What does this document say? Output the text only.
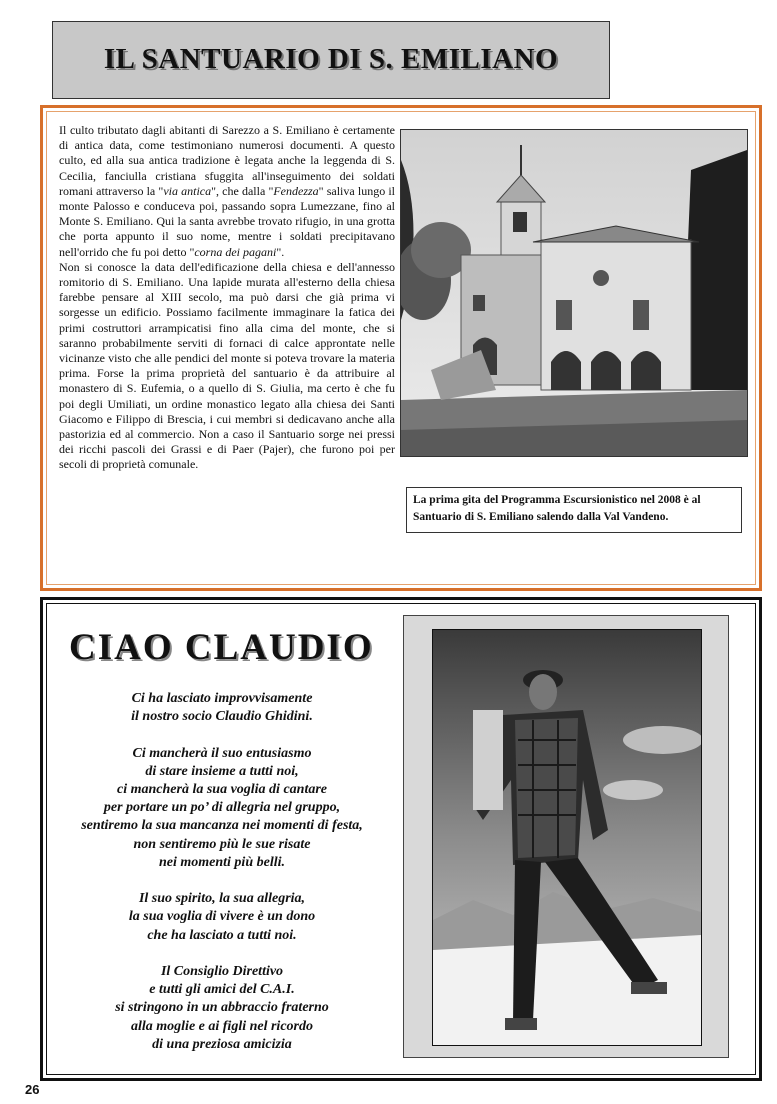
IL SANTUARIO DI S. EMILIANO

Il culto tributato dagli abitanti di Sarezzo a S. Emiliano è certamente di antica data, come testimoniano numerosi documenti. A questo culto, ed alla sua antica tradizione è legata anche la leggenda di S. Cecilia, fanciulla cristiana sfuggita all'inseguimento dei soldati romani attraverso la "via antica", che dalla "Fendezza" saliva lungo il monte Palosso e conduceva poi, passando sopra Lumezzane, fino al Monte S. Emiliano. Qui la santa avrebbe trovato rifugio, in una grotta che porta appunto il suo nome, mentre i soldati precipitavano nell'orrido che fu poi detto "corna dei pagani".

Non si conosce la data dell'edificazione della chiesa e dell'annesso romitorio di S. Emiliano. Una lapide murata all'esterno della chiesa farebbe pensare al XIII secolo, ma può darsi che già prima vi sorgesse un edificio. Possiamo facilmente immaginare la fatica dei primi costruttori arrampicatisi fino alla cima del monte, che si saranno probabilmente serviti di fornaci di calce approntate nelle vicinanze visto che alle pendici del monte si poteva trovare la materia prima. Forse la prima proprietà del santuario è da attribuire al monastero di S. Eufemia, o a quello di S. Giulia, ma certo è che fu poi degli Umiliati, un ordine monastico legato alla chiesa dei Santi Giacomo e Filippo di Brescia, i cui membri si dedicavano anche alla pastorizia ed al commercio. Non a caso il Santuario sorge nei pressi dei ricchi pascoli dei Grassi e di Paer (Pajer), che furono poi per secoli di proprietà comunale.

La prima gita del Programma Escursionistico nel 2008 è al Santuario di S. Emiliano salendo dalla Val Vandeno.
CIAO CLAUDIO
Ci ha lasciato improvvisamente
il nostro socio Claudio Ghidini.
Ci mancherà il suo entusiasmo
di stare insieme a tutti noi,
ci mancherà la sua voglia di cantare
per portare un po’ di allegria nel gruppo,
sentiremo la sua mancanza nei momenti di festa,
non sentiremo più le sue risate
nei momenti più belli.
Il suo spirito, la sua allegria,
la sua voglia di vivere è un dono
che ha lasciato a tutti noi.
Il Consiglio Direttivo
e tutti gli amici del C.A.I.
si stringono in un abbraccio fraterno
alla moglie e ai figli nel ricordo
di una preziosa amicizia
26
